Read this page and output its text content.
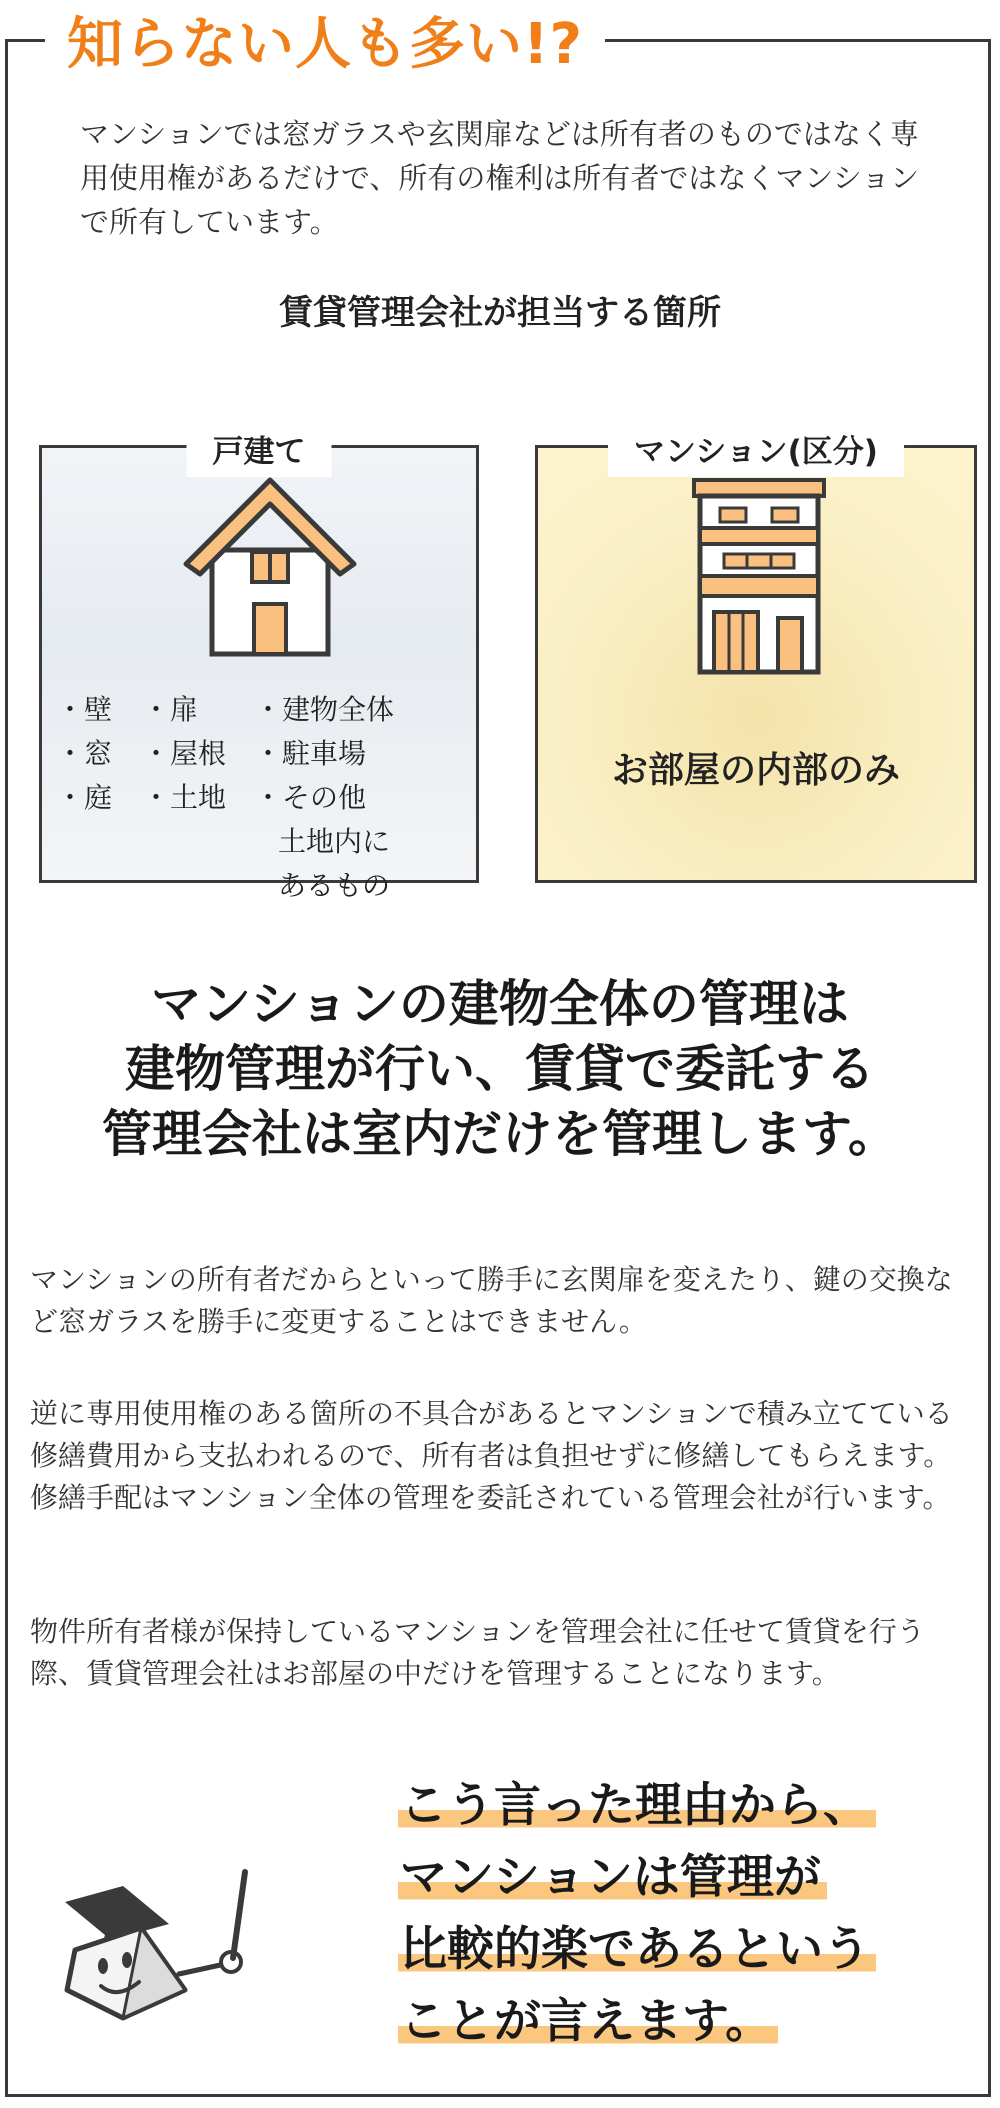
戸建て
・壁
・窓
・庭
・扉
・屋根
・土地
・建物全体
・駐車場
・その他
土地内に
あるもの
マンション(区分)
お部屋の内部のみ
知らない人も多い!?
マンションでは窓ガラスや玄関扉などは所有者のものではなく専用使用権があるだけで、所有の権利は所有者ではなくマンションで所有しています。
賃貸管理会社が担当する箇所
マンションの建物全体の管理は
建物管理が行い、賃貸で委託する
管理会社は室内だけを管理します。
マンションの所有者だからといって勝手に玄関扉を変えたり、鍵の交換など窓ガラスを勝手に変更することはできません。
逆に専用使用権のある箇所の不具合があるとマンションで積み立てている修繕費用から支払われるので、所有者は負担せずに修繕してもらえます。修繕手配はマンション全体の管理を委託されている管理会社が行います。
物件所有者様が保持しているマンションを管理会社に任せて賃貸を行う際、賃貸管理会社はお部屋の中だけを管理することになります。
こう言った理由から、
マンションは管理が
比較的楽であるという
ことが言えます。
